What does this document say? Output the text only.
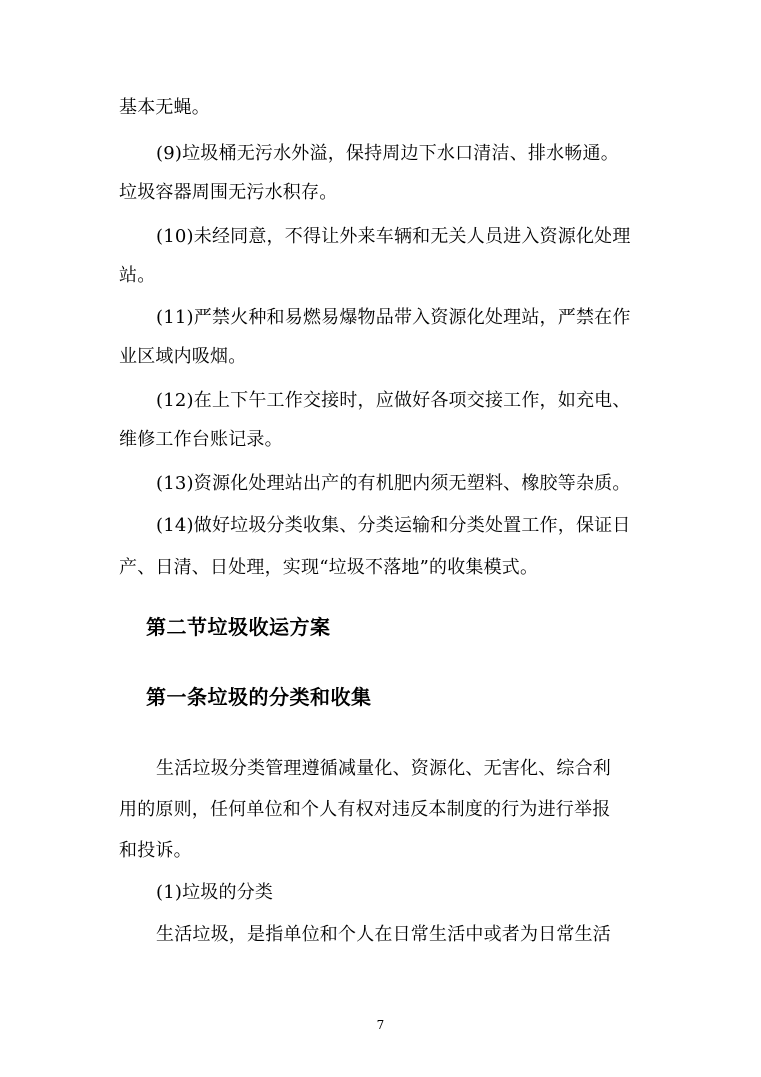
基本无蝇。
(9)垃圾桶无污水外溢，保持周边下水口清洁、排水畅通。
垃圾容器周围无污水积存。
(10)未经同意，不得让外来车辆和无关人员进入资源化处理
站。
(11)严禁火种和易燃易爆物品带入资源化处理站，严禁在作
业区域内吸烟。
(12)在上下午工作交接时，应做好各项交接工作，如充电、
维修工作台账记录。
(13)资源化处理站出产的有机肥内须无塑料、橡胶等杂质。
(14)做好垃圾分类收集、分类运输和分类处置工作，保证日
产、日清、日处理，实现“垃圾不落地”的收集模式。
第二节垃圾收运方案
第一条垃圾的分类和收集
生活垃圾分类管理遵循减量化、资源化、无害化、综合利
用的原则，任何单位和个人有权对违反本制度的行为进行举报
和投诉。
(1)垃圾的分类
生活垃圾，是指单位和个人在日常生活中或者为日常生活
7
